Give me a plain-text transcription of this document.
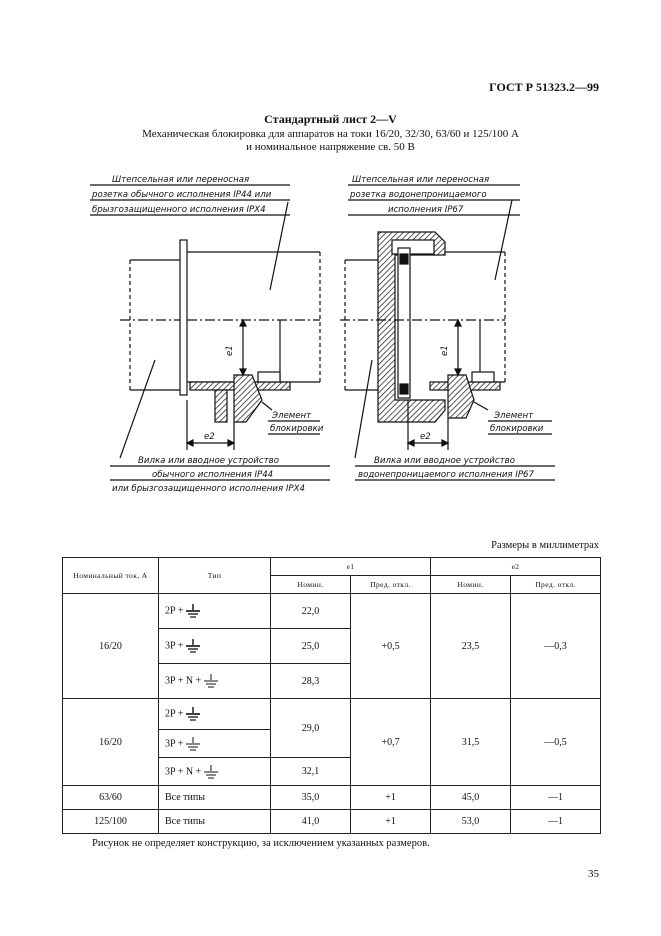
ГОСТ Р 51323.2—99
Стандартный лист 2—V
Механическая блокировка для аппаратов на токи 16/20, 32/30, 63/60 и 125/100 А
и номинальное напряжение св. 50 В
Штепсельная или переносная
розетка обычного исполнения IP44 или
брызгозащищенного исполнения IPX4
Элемент
блокировки
Вилка или вводное устройство
обычного исполнения IP44
или брызгозащищенного исполнения IPX4
e1
e2
Штепсельная или переносная
розетка водонепроницаемого
исполнения IP67
Элемент
блокировки
Вилка или вводное устройство
водонепроницаемого исполнения IP67
e1
e2
Размеры в миллиметрах
Номинальный ток, А	Тип	e1		e2	
		Номин.	Пред. откл.	Номин.	Пред. откл.
16/20	2P +	22,0	+0,5	23,5	—0,3
	3P +	25,0			
	3P + N +	28,3			
16/20	2P +	29,0	+0,7	31,5	—0,5
	3P +				
	3P + N +	32,1			
63/60	Все типы	35,0	+1	45,0	—1
125/100	Все типы	41,0	+1	53,0	—1
Рисунок не определяет конструкцию, за исключением указанных размеров.
35
